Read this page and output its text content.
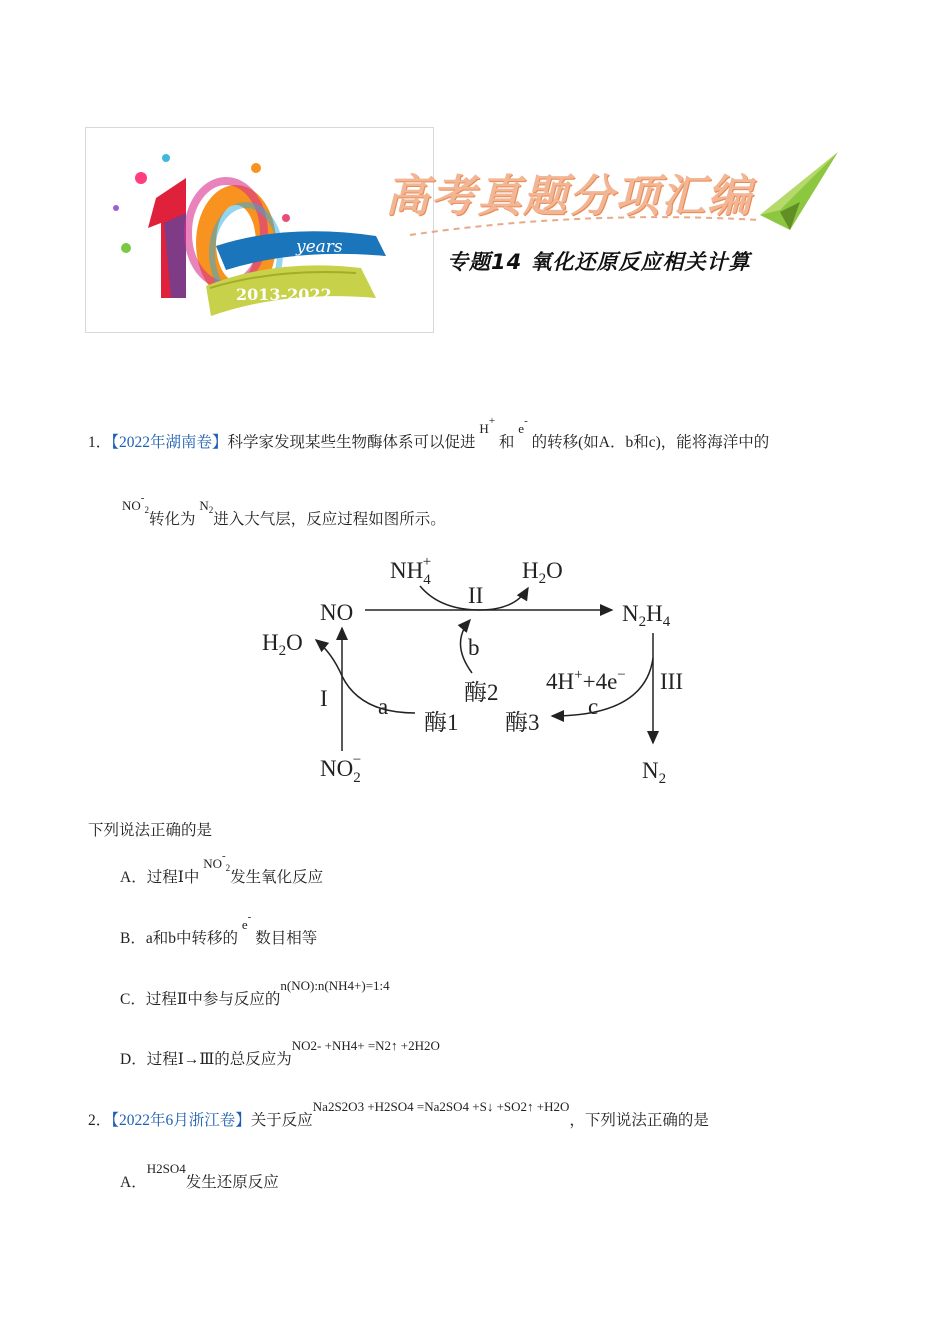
years
2013-2022
高考真题分项汇编
专题14 氧化还原反应相关计算
1．【2022年湖南卷】科学家发现某些生物酶体系可以促进 $^{H^+}$ 和 $^{e^-}$ 的转移(如A．b和c)，能将海洋中的
$^{NO^-_2}$转化为 $^{N_2}$进入大气层，反应过程如图所示。
$NH_4+$	$H_2O$
II
NO	$N_2H_4$
$H_2O$	b
酶2 4H++4e− III
I a
酶1 酶3
c
$NO_2-$	$N_2$
下列说法正确的是
A．过程Ⅰ中 $^{NO^-_2}$发生氧化反应
B．a和b中转移的 $^{e^-}$ 数目相等
C．过程Ⅱ中参与反应的$^{n(NO):n(NH4+)=1:4}$
D．过程Ⅰ→Ⅲ的总反应为$^{NO2- +NH4+ =N2↑ +2H2O}$
2．【2022年6月浙江卷】关于反应$^{Na2S2O3 +H2SO4 =Na2SO4 +S↓ +SO2↑ +H2O}$，下列说法正确的是
A．$^{H2SO4}$发生还原反应
